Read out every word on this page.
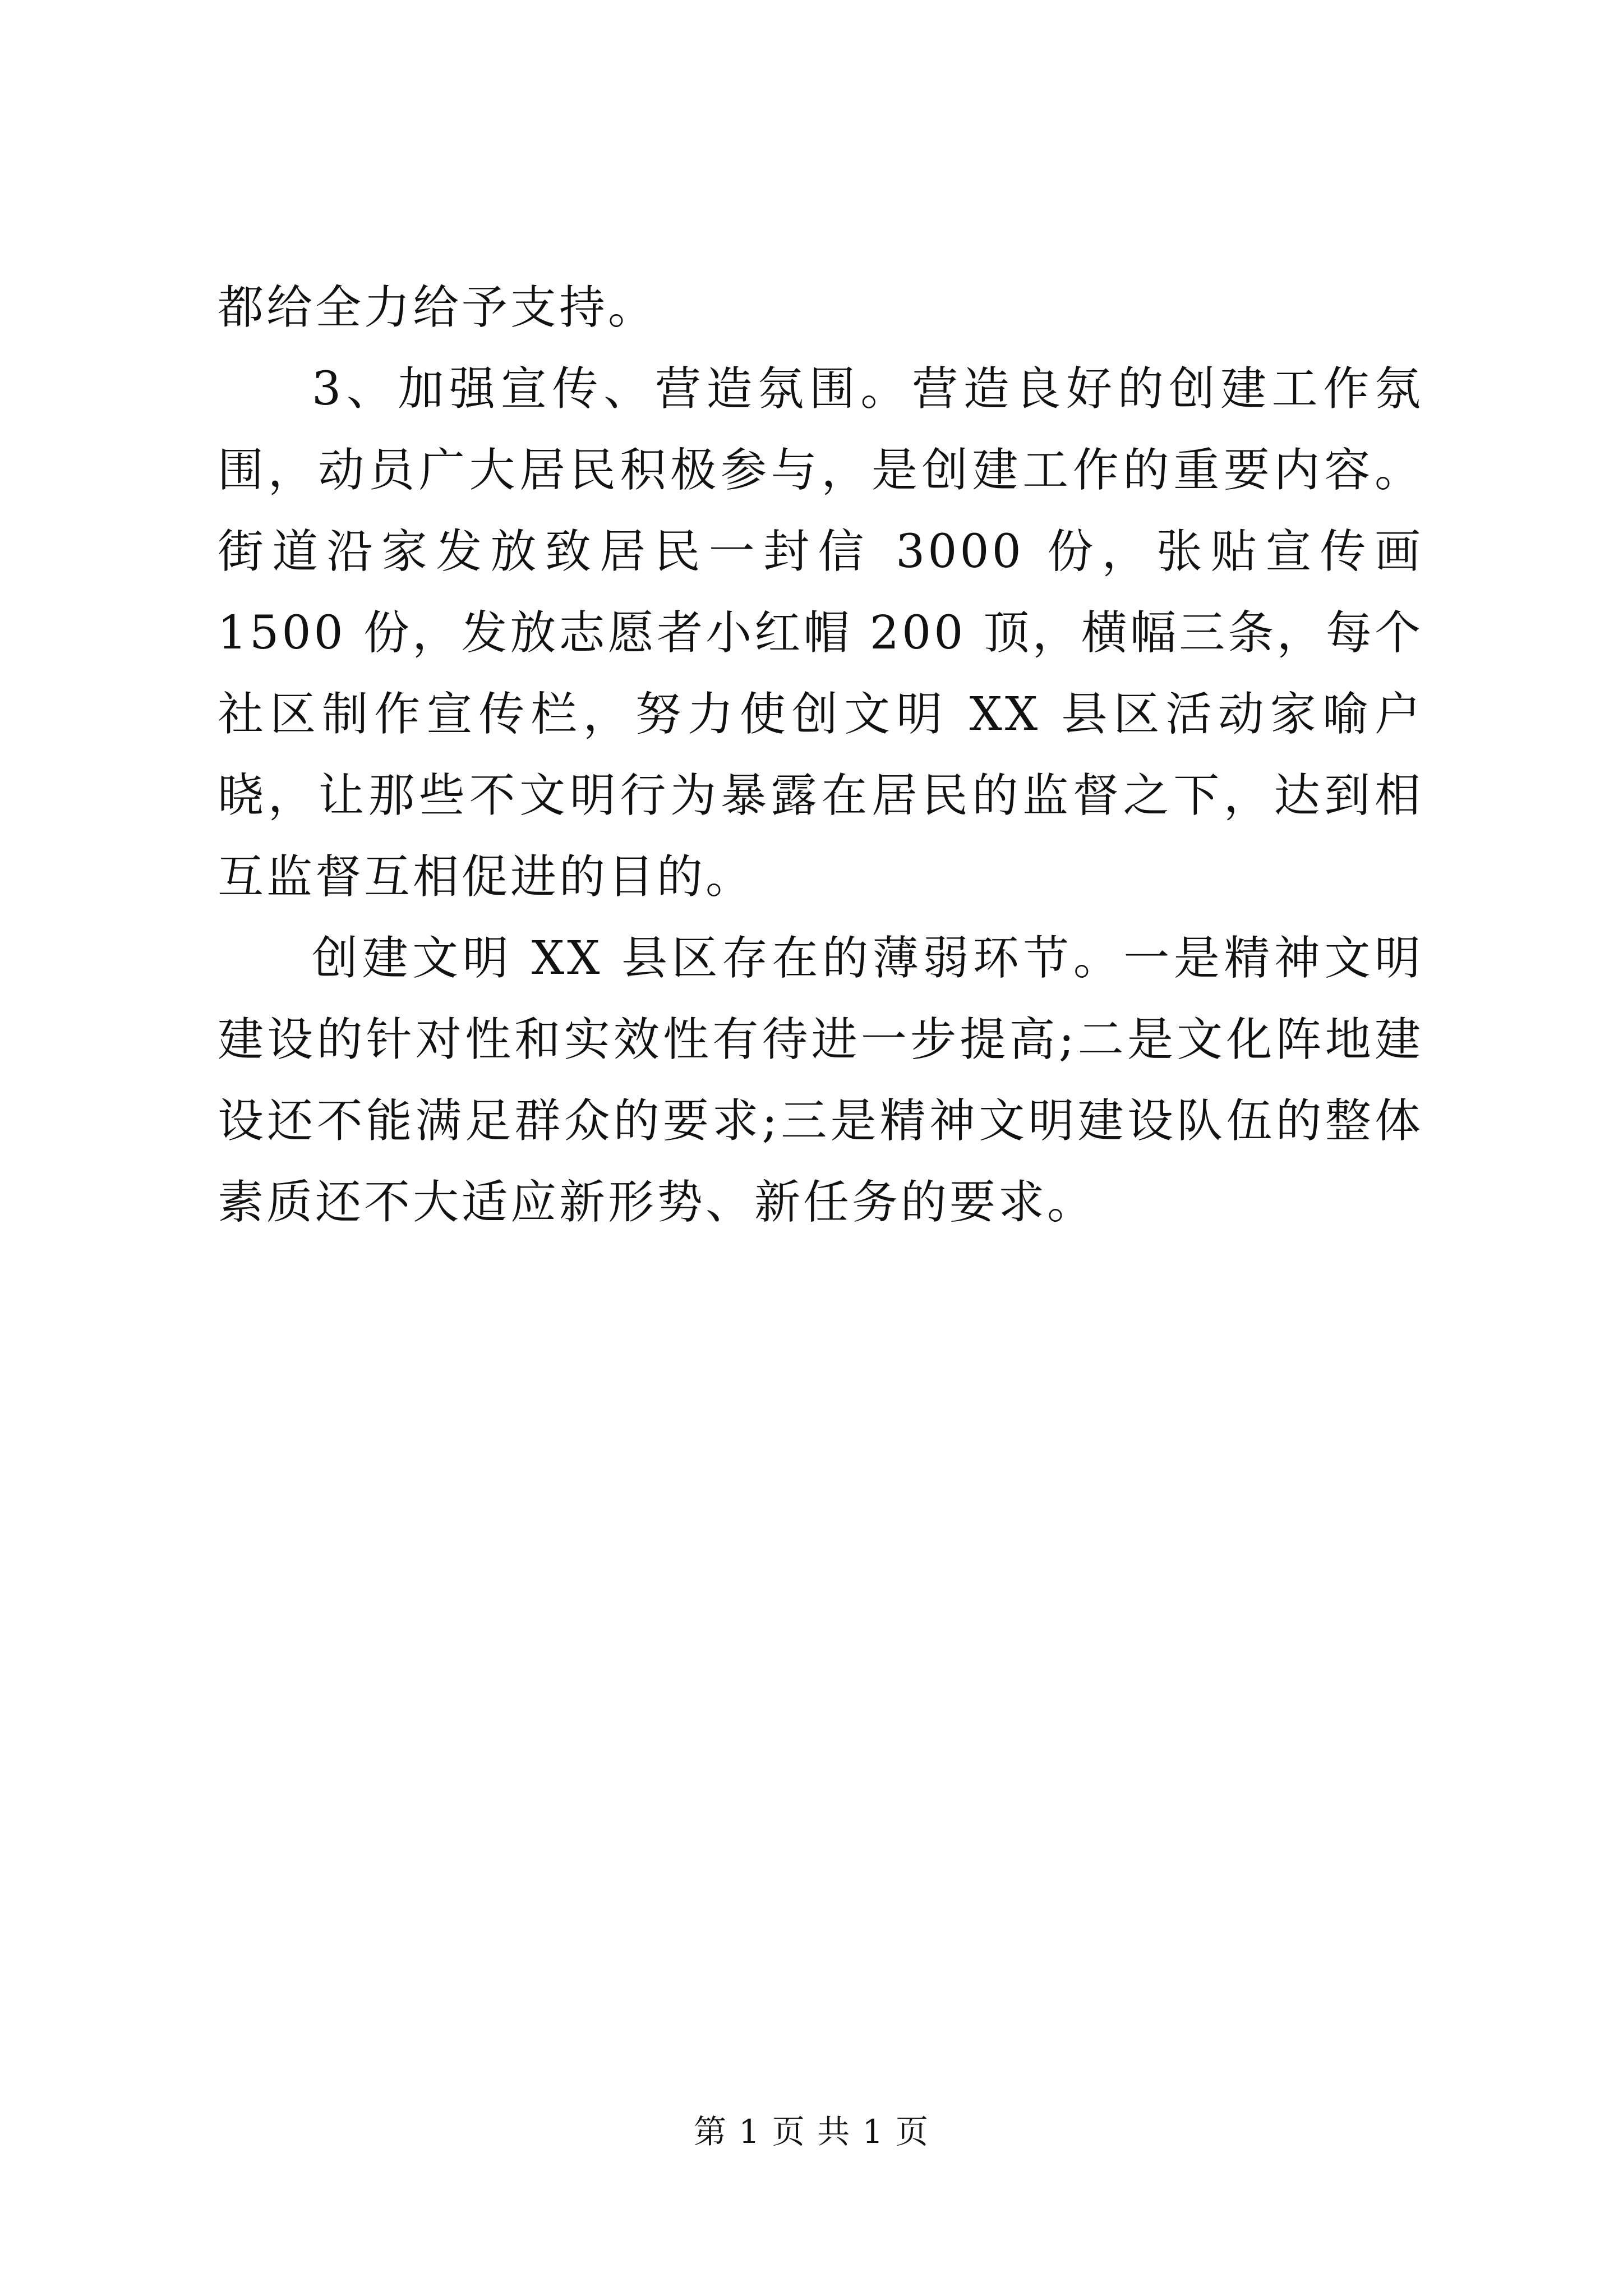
都给全力给予支持。

3、加强宣传、营造氛围。营造良好的创建工作氛围，动员广大居民积极参与，是创建工作的重要内容。街道沿家发放致居民一封信 3000 份，张贴宣传画 1500 份，发放志愿者小红帽 200 顶，横幅三条，每个社区制作宣传栏，努力使创文明 XX 县区活动家喻户晓，让那些不文明行为暴露在居民的监督之下，达到相互监督互相促进的目的。

创建文明 XX 县区存在的薄弱环节。一是精神文明建设的针对性和实效性有待进一步提高;二是文化阵地建设还不能满足群众的要求;三是精神文明建设队伍的整体素质还不大适应新形势、新任务的要求。

第 1 页 共 1 页
